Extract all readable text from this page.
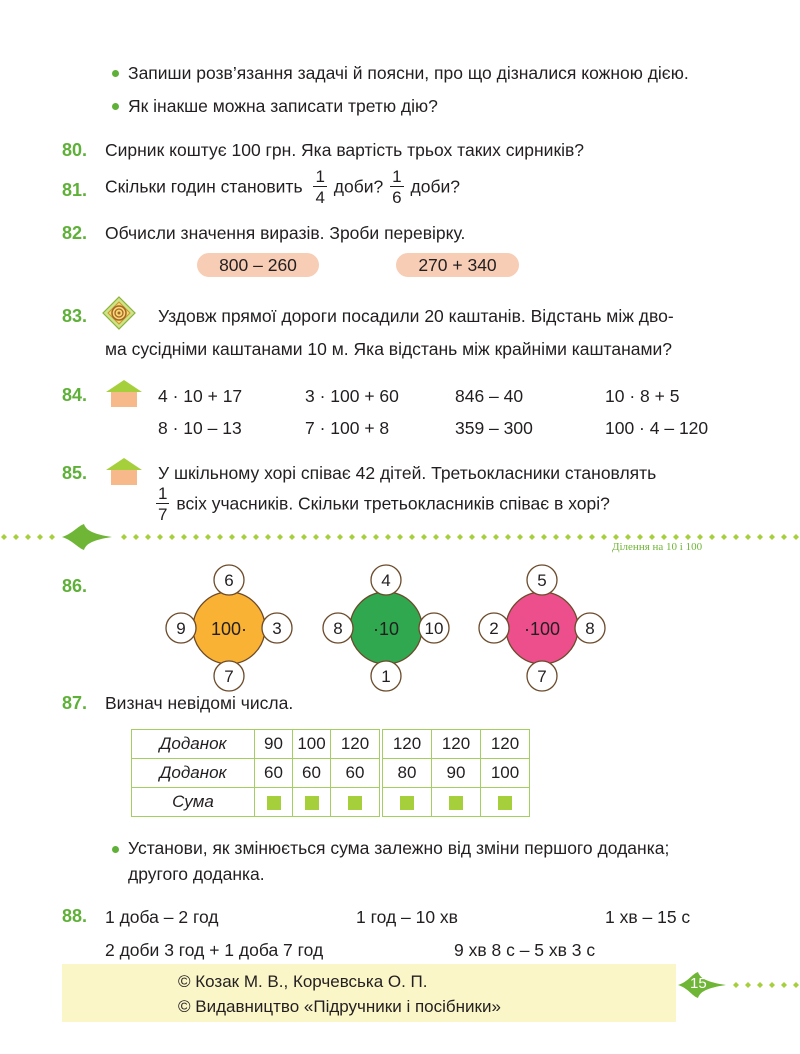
Запиши розв’язання задачі й поясни, про що дізналися кожною дією.
Як інакше можна записати третю дію?
80. Сирник коштує 100 грн. Яка вартість трьох таких сирників?
81. Скільки годин становить $\frac{1}{4}$ доби? $\frac{1}{6}$ доби?
82. Обчисли значення виразів. Зроби перевірку.
800 – 260	270 + 340
83.	Уздовж прямої дороги посадили 20 каштанів. Відстань між дво-
ма сусідніми каштанами 10 м. Яка відстань між крайніми каштанами?
84.	4 · 10 + 17	3 · 100 + 60	846 – 40	10 · 8 + 5
8 · 10 – 13	7 · 100 + 8	359 – 300	100 · 4 – 120
85.	У шкільному хорі співає 42 дітей. Третьокласники становлять
$\frac{1}{7}$ всіх учасників. Скільки третьокласників співає в хорі?
Ділення на 10 і 100
86.	6
9	3
7
100·
4
8	10
1
·10
5
2	8
7
·100
87. Визнач невідомі числа.
Доданок	90	100	120	120	120	120
Доданок	60	60	60	80	90	100
Сума						
Установи, як змінюється сума залежно від зміни першого доданка;
другого доданка.
88. 1 доба – 2 год	1 год – 10 хв	1 хв – 15 с
2 доби 3 год + 1 доба 7 год	9 хв 8 с – 5 хв 3 с
© Козак М. В., Корчевська О. П.
© Видавництво «Підручники і посібники»
15
